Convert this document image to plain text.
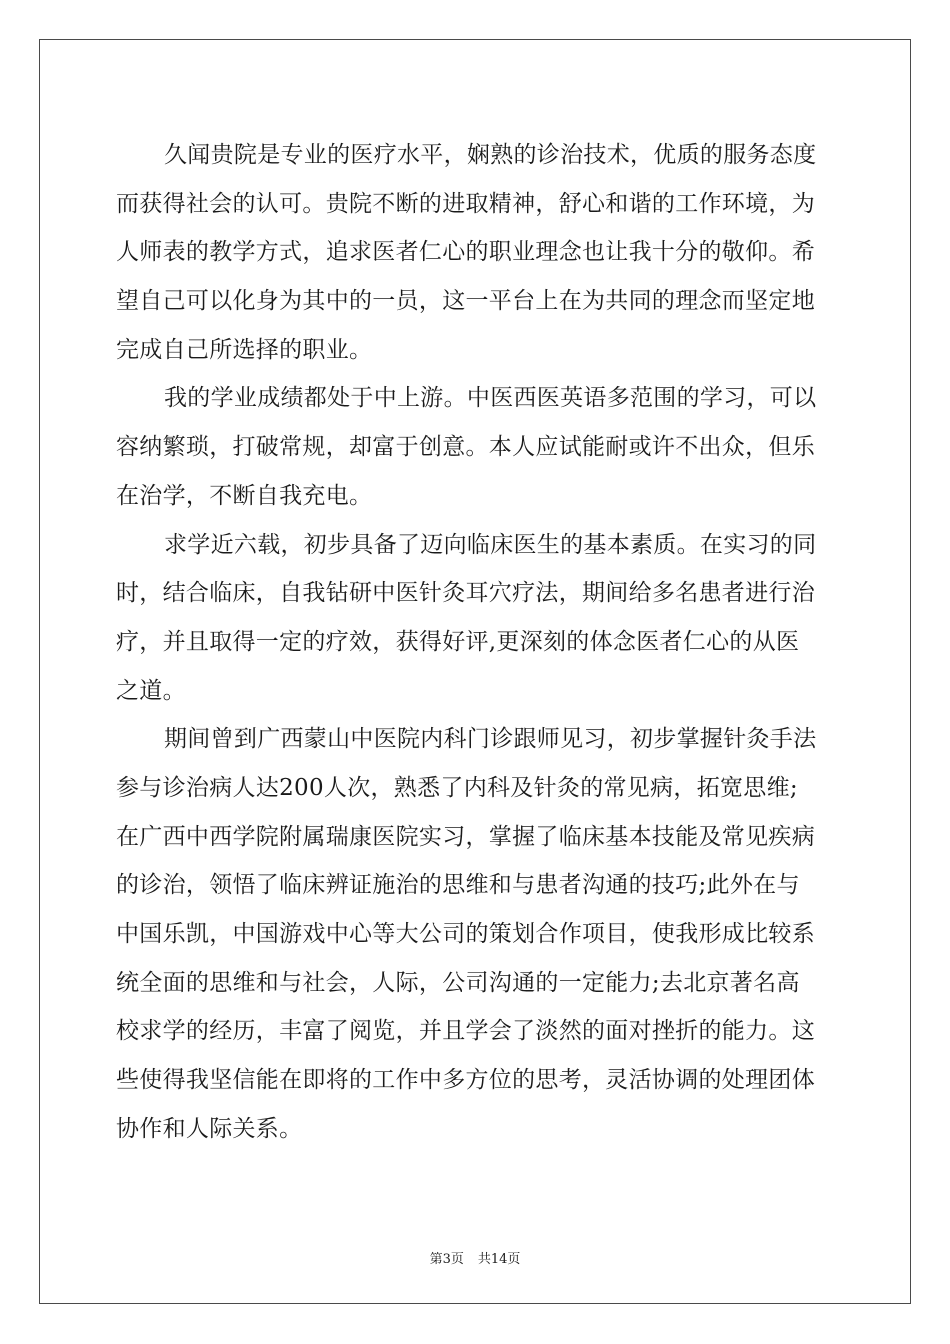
久闻贵院是专业的医疗水平，娴熟的诊治技术，优质的服务态度
而获得社会的认可。贵院不断的进取精神，舒心和谐的工作环境，为
人师表的教学方式，追求医者仁心的职业理念也让我十分的敬仰。希
望自己可以化身为其中的一员，这一平台上在为共同的理念而坚定地
完成自己所选择的职业。
我的学业成绩都处于中上游。中医西医英语多范围的学习，可以
容纳繁琐，打破常规，却富于创意。本人应试能耐或许不出众，但乐
在治学，不断自我充电。
求学近六载，初步具备了迈向临床医生的基本素质。在实习的同
时，结合临床，自我钻研中医针灸耳穴疗法，期间给多名患者进行治
疗，并且取得一定的疗效，获得好评,更深刻的体念医者仁心的从医
之道。
期间曾到广西蒙山中医院内科门诊跟师见习，初步掌握针灸手法
参与诊治病人达200人次，熟悉了内科及针灸的常见病，拓宽思维;
在广西中西学院附属瑞康医院实习，掌握了临床基本技能及常见疾病
的诊治，领悟了临床辨证施治的思维和与患者沟通的技巧;此外在与
中国乐凯，中国游戏中心等大公司的策划合作项目，使我形成比较系
统全面的思维和与社会，人际，公司沟通的一定能力;去北京著名高
校求学的经历，丰富了阅览，并且学会了淡然的面对挫折的能力。这
些使得我坚信能在即将的工作中多方位的思考，灵活协调的处理团体
协作和人际关系。
第3页 共14页
